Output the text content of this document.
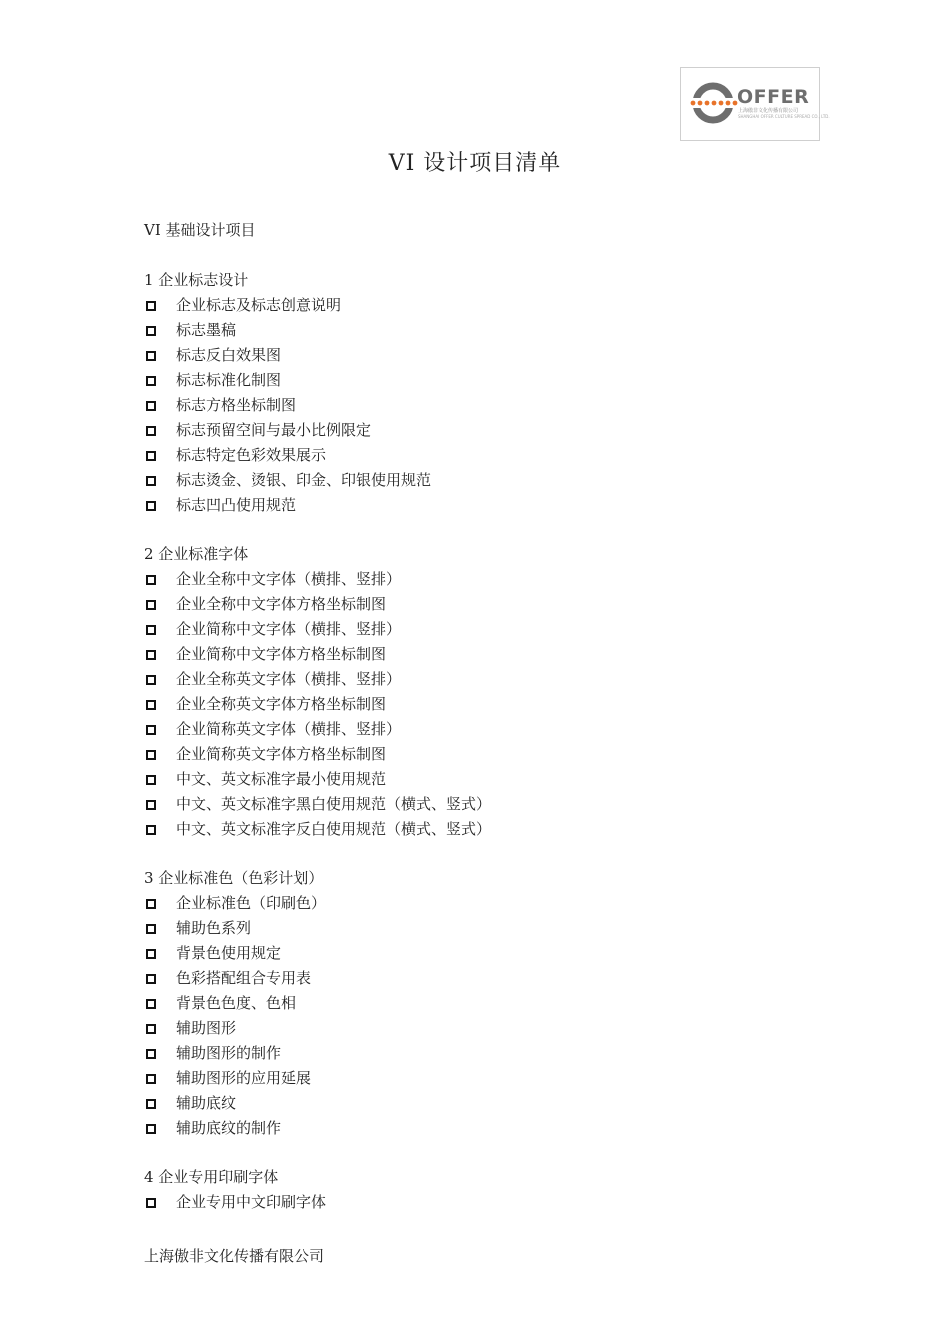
OFFER
上海傲非文化传播有限公司
SHANGHAI OFFER CULTURE SPREAD CO., LTD.
VI 设计项目清单
VI 基础设计项目
1 企业标志设计
企业标志及标志创意说明
标志墨稿
标志反白效果图
标志标准化制图
标志方格坐标制图
标志预留空间与最小比例限定
标志特定色彩效果展示
标志烫金、烫银、印金、印银使用规范
标志凹凸使用规范
2 企业标准字体
企业全称中文字体（横排、竖排）
企业全称中文字体方格坐标制图
企业简称中文字体（横排、竖排）
企业简称中文字体方格坐标制图
企业全称英文字体（横排、竖排）
企业全称英文字体方格坐标制图
企业简称英文字体（横排、竖排）
企业简称英文字体方格坐标制图
中文、英文标准字最小使用规范
中文、英文标准字黑白使用规范（横式、竖式）
中文、英文标准字反白使用规范（横式、竖式）
3 企业标准色（色彩计划）
企业标准色（印刷色）
辅助色系列
背景色使用规定
色彩搭配组合专用表
背景色色度、色相
辅助图形
辅助图形的制作
辅助图形的应用延展
辅助底纹
辅助底纹的制作
4 企业专用印刷字体
企业专用中文印刷字体
上海傲非文化传播有限公司
